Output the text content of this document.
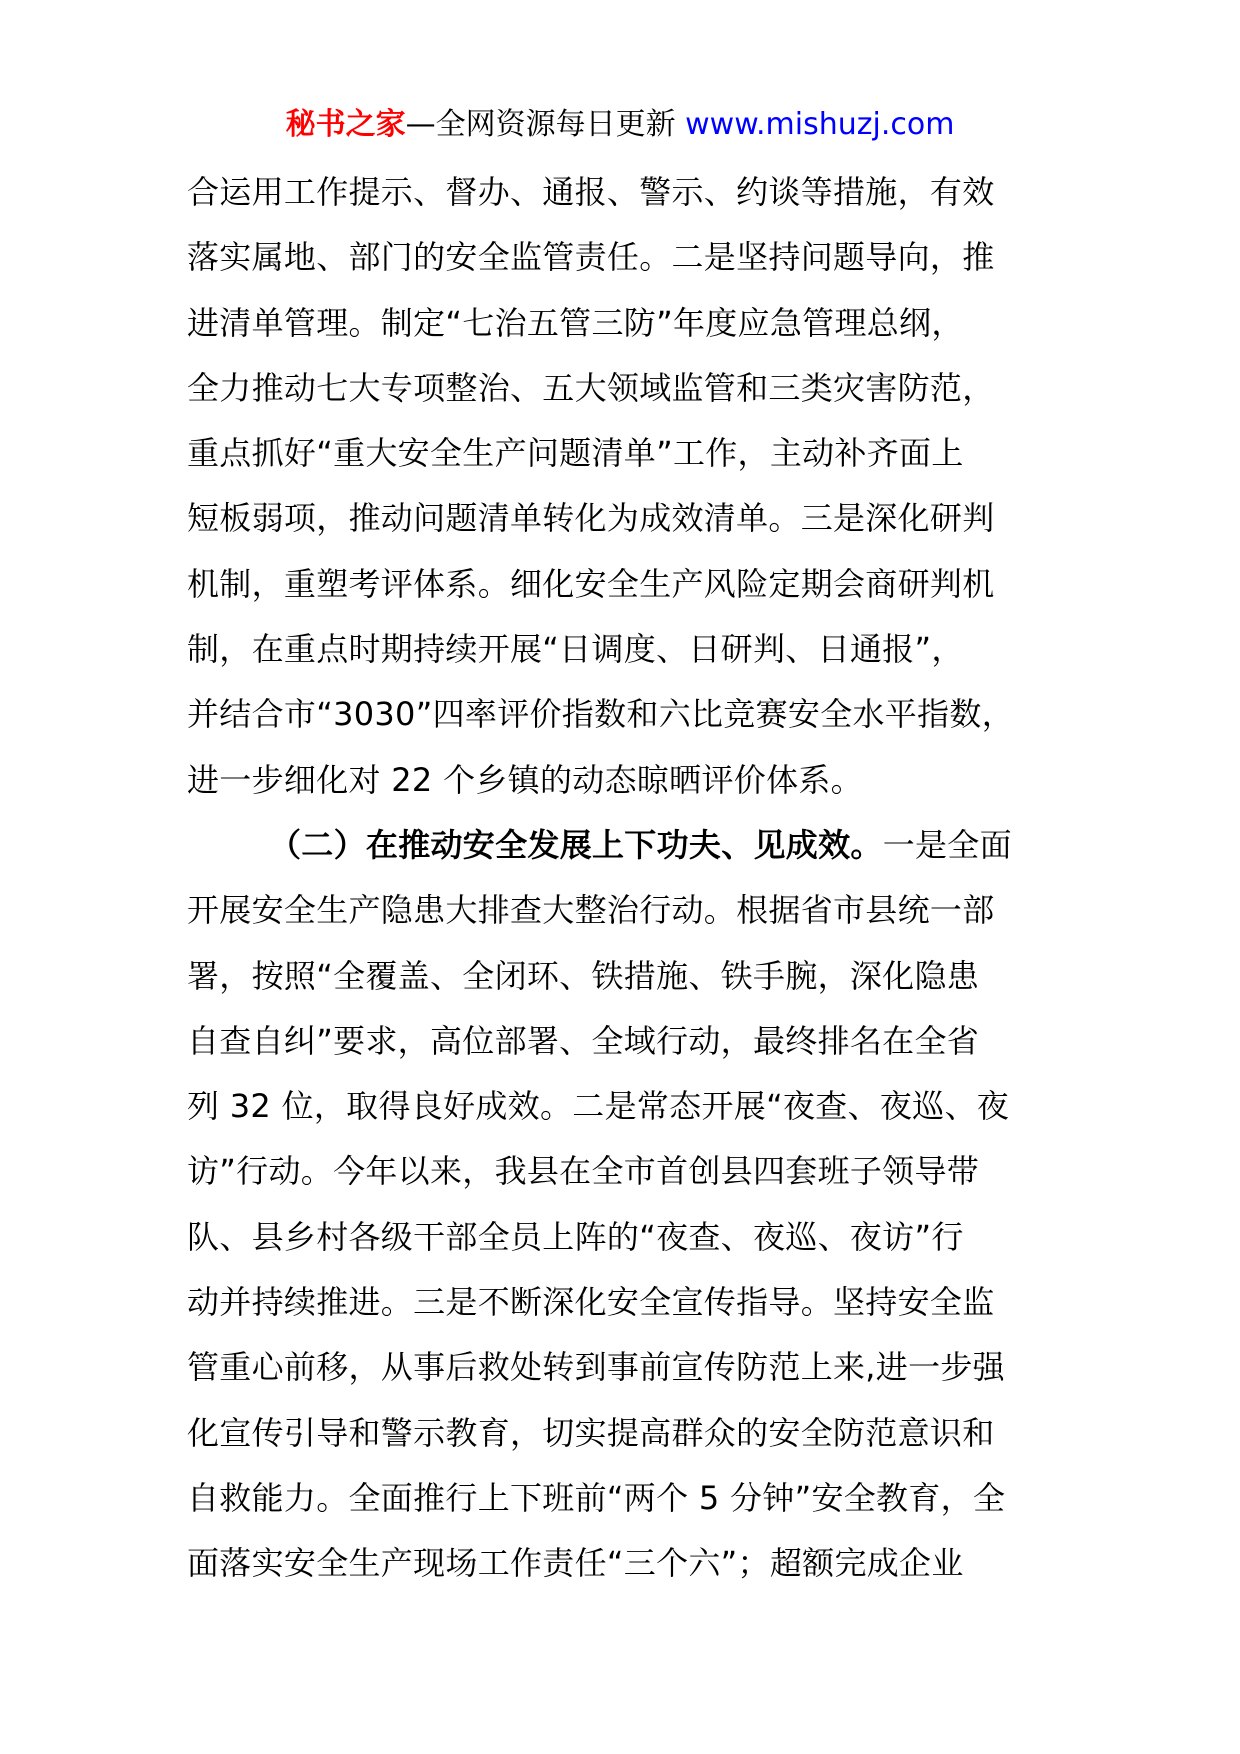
秘书之家—全网资源每日更新 www.mishuzj.com
合运用工作提示、督办、通报、警示、约谈等措施，有效
落实属地、部门的安全监管责任。二是坚持问题导向，推
进清单管理。制定“七治五管三防”年度应急管理总纲，
全力推动七大专项整治、五大领域监管和三类灾害防范，
重点抓好“重大安全生产问题清单”工作，主动补齐面上
短板弱项，推动问题清单转化为成效清单。三是深化研判
机制，重塑考评体系。细化安全生产风险定期会商研判机
制，在重点时期持续开展“日调度、日研判、日通报”，
并结合市“3030”四率评价指数和六比竞赛安全水平指数，
进一步细化对 22 个乡镇的动态晾晒评价体系。
（二）在推动安全发展上下功夫、见成效。一是全面
开展安全生产隐患大排查大整治行动。根据省市县统一部
署，按照“全覆盖、全闭环、铁措施、铁手腕，深化隐患
自查自纠”要求，高位部署、全域行动，最终排名在全省
列 32 位，取得良好成效。二是常态开展“夜查、夜巡、夜
访”行动。今年以来，我县在全市首创县四套班子领导带
队、县乡村各级干部全员上阵的“夜查、夜巡、夜访”行
动并持续推进。三是不断深化安全宣传指导。坚持安全监
管重心前移，从事后救处转到事前宣传防范上来,进一步强
化宣传引导和警示教育，切实提高群众的安全防范意识和
自救能力。全面推行上下班前“两个 5 分钟”安全教育，全
面落实安全生产现场工作责任“三个六”；超额完成企业
